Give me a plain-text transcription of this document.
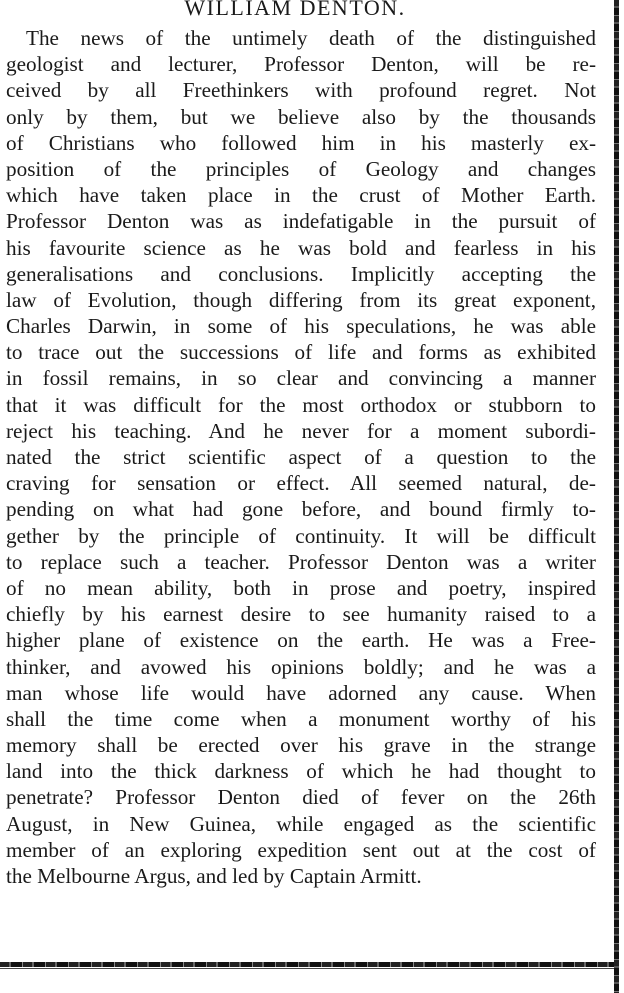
WILLIAM DENTON.
The news of the untimely death of the distinguished
geologist and lecturer, Professor Denton, will be re-
ceived by all Freethinkers with profound regret. Not
only by them, but we believe also by the thousands
of Christians who followed him in his masterly ex-
position of the principles of Geology and changes
which have taken place in the crust of Mother Earth.
Professor Denton was as indefatigable in the pursuit of
his favourite science as he was bold and fearless in his
generalisations and conclusions. Implicitly accepting the
law of Evolution, though differing from its great exponent,
Charles Darwin, in some of his speculations, he was able
to trace out the successions of life and forms as exhibited
in fossil remains, in so clear and convincing a manner
that it was difficult for the most orthodox or stubborn to
reject his teaching. And he never for a moment subordi-
nated the strict scientific aspect of a question to the
craving for sensation or effect. All seemed natural, de-
pending on what had gone before, and bound firmly to-
gether by the principle of continuity. It will be difficult
to replace such a teacher. Professor Denton was a writer
of no mean ability, both in prose and poetry, inspired
chiefly by his earnest desire to see humanity raised to a
higher plane of existence on the earth. He was a Free-
thinker, and avowed his opinions boldly; and he was a
man whose life would have adorned any cause. When
shall the time come when a monument worthy of his
memory shall be erected over his grave in the strange
land into the thick darkness of which he had thought to
penetrate? Professor Denton died of fever on the 26th
August, in New Guinea, while engaged as the scientific
member of an exploring expedition sent out at the cost of
the Melbourne Argus, and led by Captain Armitt.
